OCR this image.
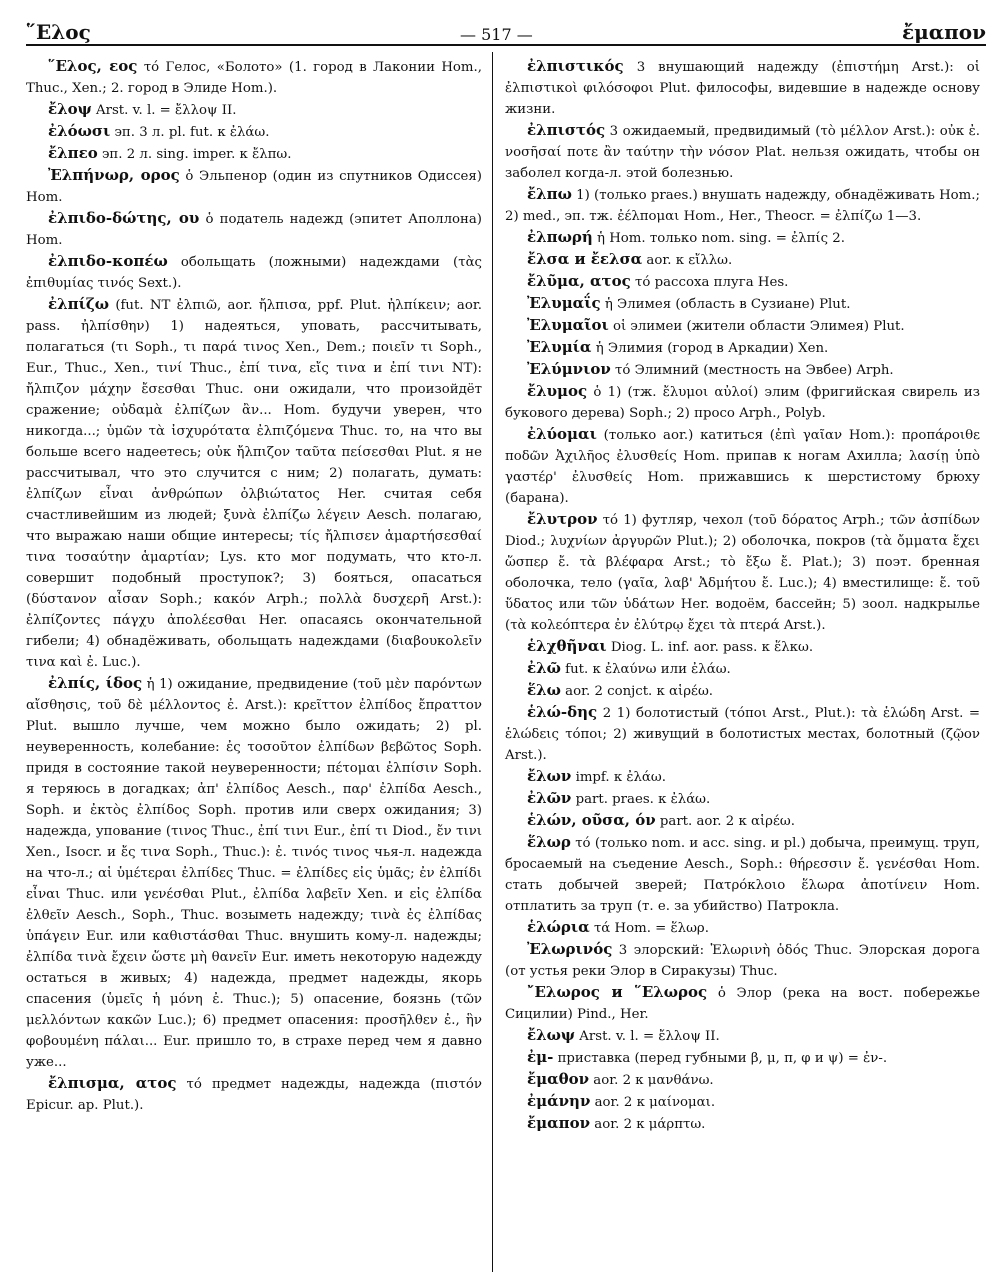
῞Ελος	— 517 —	ἔμαπον

῞Ελος, εος τό Гелос, «Болото» (1. город в Лаконии Hom., Thuc., Xen.; 2. город в Элиде Hom.).

ἔλοψ Arst. v. l. = ἔλλοψ II.

ἐλόωσι эп. 3 л. pl. fut. к ἐλάω.

ἔλπεο эп. 2 л. sing. imper. к ἔλπω.

Ἐλπήνωρ, ορος ὁ Эльпенор (один из спутников Одиссея) Hom.

ἐλπιδο-δώτης, ου ὁ податель надежд (эпитет Аполлона) Hom.

ἐλπιδο-κοπέω обольщать (ложными) надеждами (τὰς ἐπιθυμίας τινός Sext.).

ἐλπίζω (fut. NT ἐλπιῶ, aor. ἤλπισα, ppf. Plut. ἠλπίκειν; aor. pass. ἠλπίσθην) 1) надеяться, уповать, рассчитывать, полагаться (τι Soph., τι παρά τινος Xen., Dem.; ποιεῖν τι Soph., Eur., Thuc., Xen., τινί Thuc., ἐπί τινα, εἴς τινα и ἐπί τινι NT): ἤλπιζον μάχην ἔσεσθαι Thuc. они ожидали, что произойдёт сражение; οὐδαμὰ ἐλπίζων ἂν... Hom. будучи уверен, что никогда...; ὑμῶν τὰ ἰσχυρότατα ἐλπιζόμενα Thuc. то, на что вы больше всего надеетесь; οὐκ ἤλπιζον ταῦτα πείσεσθαι Plut. я не рассчитывал, что это случится с ним; 2) полагать, думать: ἐλπίζων εἶναι ἀνθρώπων ὀλβιώτατος Her. считая себя счастливейшим из людей; ξυνὰ ἐλπίζω λέγειν Aesch. полагаю, что выражаю наши общие интересы; τίς ἤλπισεν ἁμαρτήσεσθαί τινα τοσαύτην ἁμαρτίαν; Lys. кто мог подумать, что кто-л. совершит подобный проступок?; 3) бояться, опасаться (δύστανον αἶσαν Soph.; κακόν Arph.; πολλὰ δυσχερῆ Arst.): ἐλπίζοντες πάγχυ ἀπολέεσθαι Her. опасаясь окончательной гибели; 4) обнадёживать, обольщать надеждами (διαβουκολεῖν τινα καὶ ἐ. Luc.).

ἐλπίς, ίδος ἡ 1) ожидание, предвидение (τοῦ μὲν παρόντων αἴσθησις, τοῦ δὲ μέλλοντος ἐ. Arst.): κρεῖττον ἐλπίδος ἔπραττον Plut. вышло лучше, чем можно было ожидать; 2) pl. неуверенность, колебание: ἐς τοσοῦτον ἐλπίδων βεβῶτος Soph. придя в состояние такой неуверенности; πέτομαι ἐλπίσιν Soph. я теряюсь в догадках; ἀπ' ἐλπίδος Aesch., παρ' ἐλπίδα Aesch., Soph. и ἐκτὸς ἐλπίδος Soph. против или сверх ожидания; 3) надежда, упование (τινος Thuc., ἐπί τινι Eur., ἐπί τι Diod., ἔν τινι Xen., Isocr. и ἔς τινα Soph., Thuc.): ἐ. τινός τινος чья-л. надежда на что-л.; αἱ ὑμέτεραι ἐλπίδες Thuc. = ἐλπίδες εἰς ὑμᾶς; ἐν ἐλπίδι εἶναι Thuc. или γενέσθαι Plut., ἐλπίδα λαβεῖν Xen. и εἰς ἐλπίδα ἐλθεῖν Aesch., Soph., Thuc. возыметь надежду; τινὰ ἐς ἐλπίδας ὑπάγειν Eur. или καθιστάσθαι Thuc. внушить кому-л. надежды; ἐλπίδα τινὰ ἔχειν ὥστε μὴ θανεῖν Eur. иметь некоторую надежду остаться в живых; 4) надежда, предмет надежды, якорь спасения (ὑμεῖς ἡ μόνη ἐ. Thuc.); 5) опасение, боязнь (τῶν μελλόντων κακῶν Luc.); 6) предмет опасения: προσῆλθεν ἐ., ἣν φοβουμένη πάλαι... Eur. пришло то, в страхе перед чем я давно уже...

ἔλπισμα, ατος τό предмет надежды, надежда (πιστόν Epicur. ap. Plut.).

ἐλπιστικός 3 внушающий надежду (ἐπιστήμη Arst.): οἱ ἐλπιστικοὶ φιλόσοφοι Plut. философы, видевшие в надежде основу жизни.

ἐλπιστός 3 ожидаемый, предвидимый (τὸ μέλλον Arst.): οὐκ ἐ. νοσῆσαί ποτε ἂν ταύτην τὴν νόσον Plat. нельзя ожидать, чтобы он заболел когда-л. этой болезнью.

ἔλπω 1) (только praes.) внушать надежду, обнадёживать Hom.; 2) med., эп. тж. ἐέλπομαι Hom., Her., Theocr. = ἐλπίζω 1—3.

ἐλπωρή ἡ Hom. только nom. sing. = ἐλπίς 2.

ἔλσα и ἔελσα aor. к εἴλλω.

ἔλῦμα, ατος τό рассоха плуга Hes.

Ἐλυμαΐς ἡ Элимея (область в Сузиане) Plut.

Ἐλυμαῖοι οἱ элимеи (жители области Элимея) Plut.

Ἐλυμία ἡ Элимия (город в Аркадии) Xen.

Ἐλύμνιον τό Элимний (местность на Эвбее) Arph.

ἔλυμος ὁ 1) (тж. ἔλυμοι αὐλοί) элим (фригийская свирель из букового дерева) Soph.; 2) просо Arph., Polyb.

ἐλύομαι (только aor.) катиться (ἐπὶ γαῖαν Hom.): προπάροιθε ποδῶν Ἀχιλῆος ἐλυσθείς Hom. припав к ногам Ахилла; λασίῃ ὑπὸ γαστέρ' ἐλυσθείς Hom. прижавшись к шерстистому брюху (барана).

ἔλυτρον τό 1) футляр, чехол (τοῦ δόρατος Arph.; τῶν ἀσπίδων Diod.; λυχνίων ἀργυρῶν Plut.); 2) оболочка, покров (τὰ ὄμματα ἔχει ὥσπερ ἔ. τὰ βλέφαρα Arst.; τὸ ἔξω ἔ. Plat.); 3) поэт. бренная оболочка, тело (γαῖα, λαβ' Ἀδμήτου ἔ. Luc.); 4) вместилище: ἔ. τοῦ ὕδατος или τῶν ὑδάτων Her. водоём, бассейн; 5) зоол. надкрылье (τὰ κολεόπτερα ἐν ἐλύτρῳ ἔχει τὰ πτερά Arst.).

ἑλχθῆναι Diog. L. inf. aor. pass. к ἕλκω.

ἐλῶ fut. к ἐλαύνω или ἐλάω.

ἕλω aor. 2 conjct. к αἱρέω.

ἑλώ-δης 2 1) болотистый (τόποι Arst., Plut.): τὰ ἑλώδη Arst. = ἑλώδεις τόποι; 2) живущий в болотистых местах, болотный (ζῷον Arst.).

ἔλων impf. к ἐλάω.

ἐλῶν part. praes. к ἐλάω.

ἑλών, οῦσα, όν part. aor. 2 к αἱρέω.

ἕλωρ τό (только nom. и acc. sing. и pl.) добыча, преимущ. труп, бросаемый на съедение Aesch., Soph.: θήρεσσιν ἔ. γενέσθαι Hom. стать добычей зверей; Πατρόκλοιο ἕλωρα ἀποτίνειν Hom. отплатить за труп (т. е. за убийство) Патрокла.

ἑλώρια τά Hom. = ἕλωρ.

Ἐλωρινός 3 элорский: Ἐλωρινὴ ὁδός Thuc. Элорская дорога (от устья реки Элор в Сиракузы) Thuc.

῎Ελωρος и ῞Ελωρος ὁ Элор (река на вост. побережье Сицилии) Pind., Her.

ἔλωψ Arst. v. l. = ἔλλοψ II.

ἐμ- приставка (перед губными β, μ, π, φ и ψ) = ἐν-.

ἔμαθον aor. 2 к μανθάνω.

ἐμάνην aor. 2 к μαίνομαι.

ἔμαπον aor. 2 к μάρπτω.
